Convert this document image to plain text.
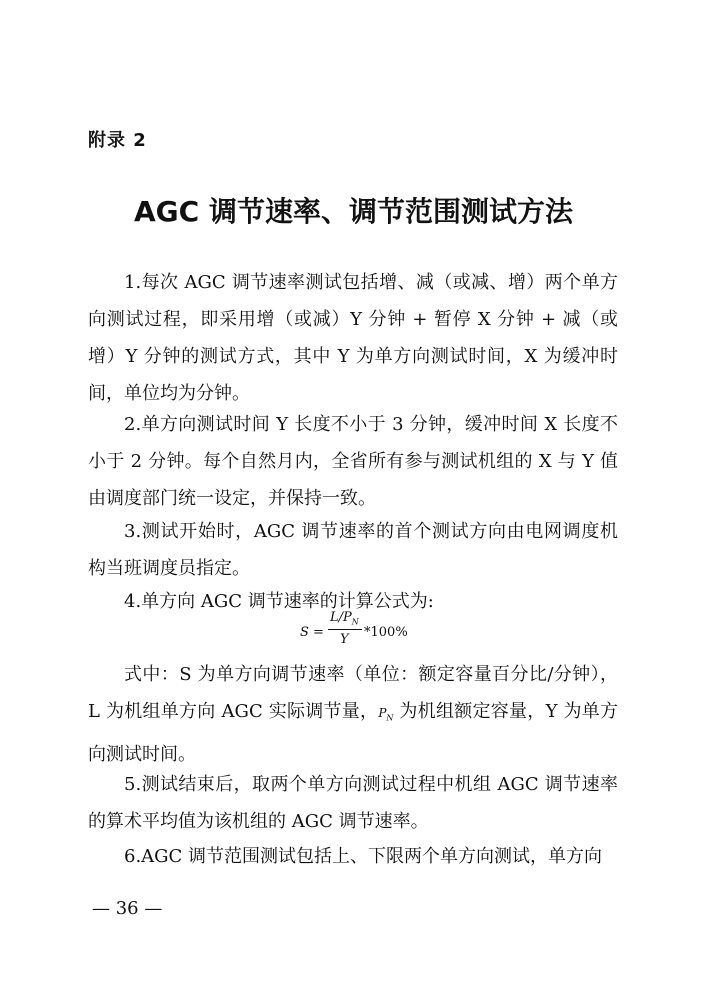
附录 2
AGC 调节速率、调节范围测试方法
1.每次 AGC 调节速率测试包括增、减（或减、增）两个单方向测试过程，即采用增（或减）Y 分钟 + 暂停 X 分钟 + 减（或增）Y 分钟的测试方式，其中 Y 为单方向测试时间，X 为缓冲时间，单位均为分钟。
2.单方向测试时间 Y 长度不小于 3 分钟，缓冲时间 X 长度不小于 2 分钟。每个自然月内，全省所有参与测试机组的 X 与 Y 值由调度部门统一设定，并保持一致。
3.测试开始时，AGC 调节速率的首个测试方向由电网调度机构当班调度员指定。
4.单方向 AGC 调节速率的计算公式为:
S =
$L/P_N$
Y *100%
式中：S 为单方向调节速率（单位：额定容量百分比/分钟），L 为机组单方向 AGC 实际调节量，$P_N$ 为机组额定容量，Y 为单方向测试时间。
5.测试结束后，取两个单方向测试过程中机组 AGC 调节速率的算术平均值为该机组的 AGC 调节速率。
6.AGC 调节范围测试包括上、下限两个单方向测试，单方向
— 36 —
